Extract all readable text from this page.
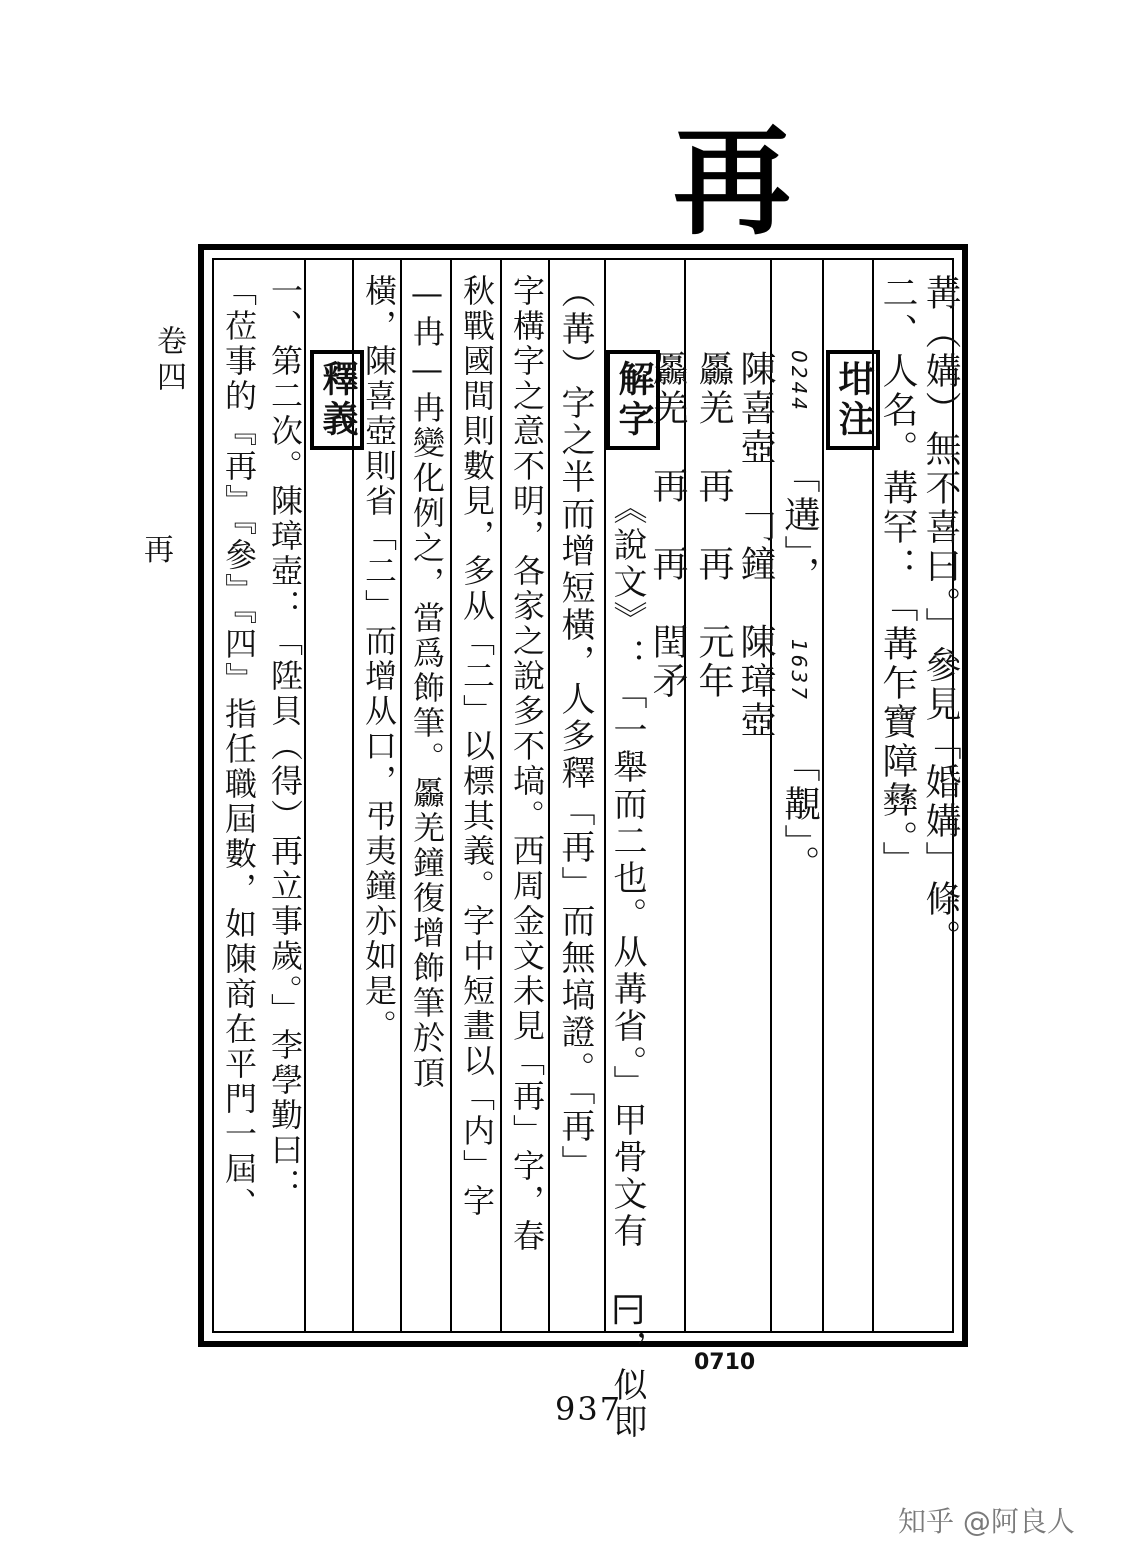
再
卷四
再	冓（媾）無不喜曰。」參見「婚媾」條。
二、人名。冓罕：「冓乍寶障彝。」
坩注
0244 「遘」， 1637 「覯」。
陳喜壺　𠃌鐘　陳璋壺　
厵羌　再　再　元年
厵羌　再　再　閏矛
解字
《說文》：「一舉而二也。从冓省。」甲骨文有 𠔼，似即
（冓）字之半而增短橫，人多釋「再」而無塙證。「再」
字構字之意不明，各家之說多不塙。西周金文未見「再」字，春
秋戰國間則數見，多从「二」以標其義。字中短畫以「内」字
—冉—冉變化例之，當爲飾筆。厵羌鐘復增飾筆於頂
橫，陳喜壺則省「二」而增从口，弔夷鐘亦如是。
釋義
一、第二次。陳璋壺：「陞貝（得）再立事歲。」李學勤曰：
「莅事的『再』『參』『四』指任職屆數，如陳商在平門一屆、
0710
937
知乎 @阿良人
